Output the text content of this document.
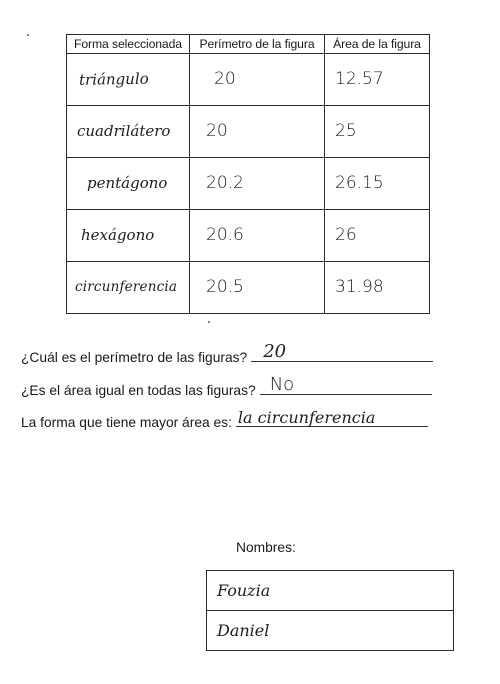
Forma seleccionada	Perímetro de la figura	Área de la figura

triángulo	20	12.57

cuadrilátero	20	25

pentágono	20.2	26.15

hexágono	20.6	26

circunferencia	20.5	31.98
¿Cuál es el perímetro de las figuras? 20
¿Es el área igual en todas las figuras? No
La forma que tiene mayor área es: la circunferencia
Nombres:
Fouzia
Daniel
